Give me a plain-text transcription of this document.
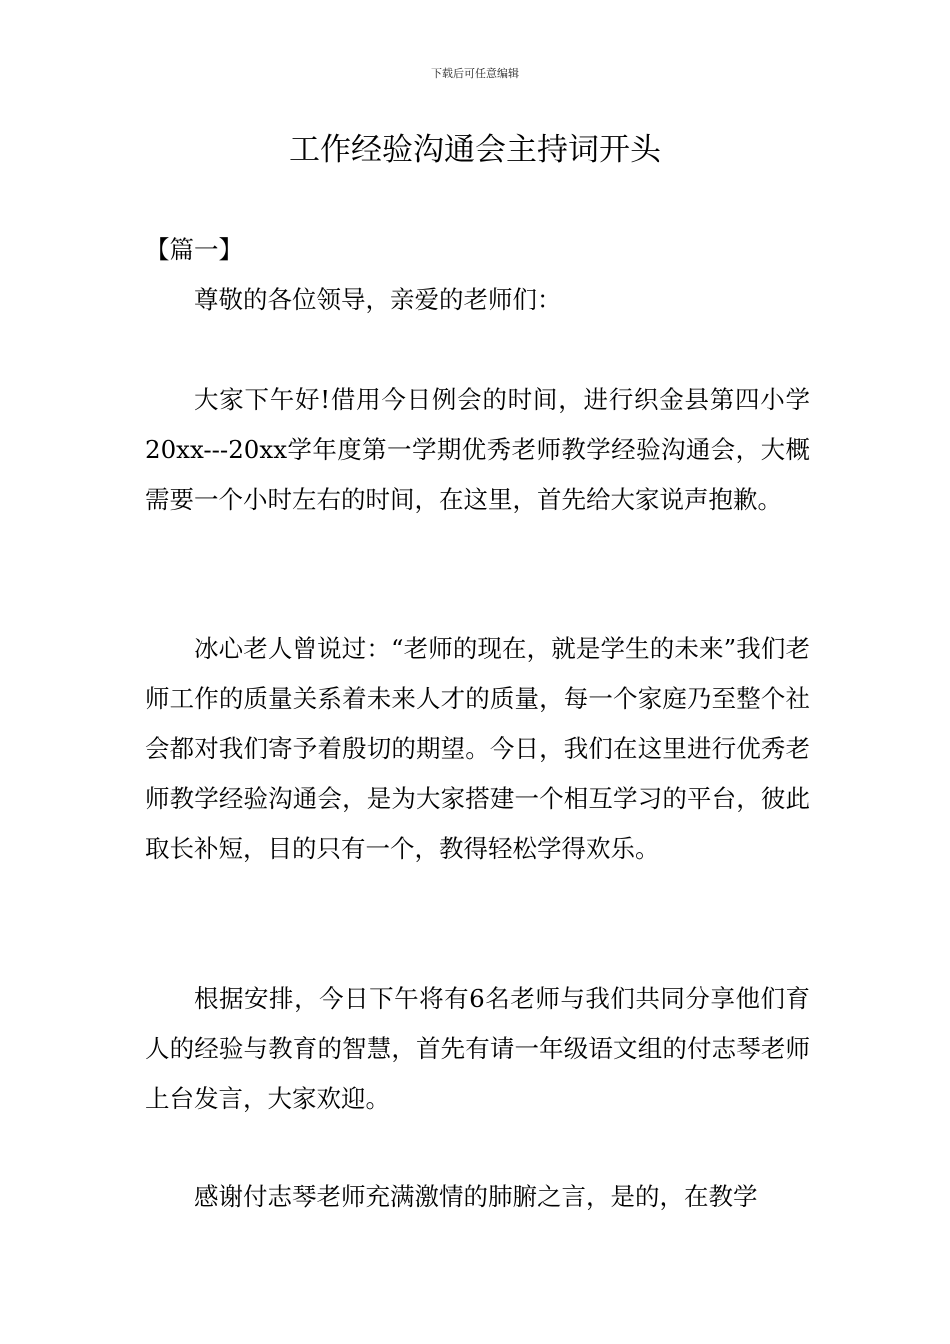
下载后可任意编辑
工作经验沟通会主持词开头

【篇一】

尊敬的各位领导，亲爱的老师们：

大家下午好!借用今日例会的时间，进行织金县第四小学20xx---20xx学年度第一学期优秀老师教学经验沟通会，大概需要一个小时左右的时间，在这里，首先给大家说声抱歉。

冰心老人曾说过：“老师的现在，就是学生的未来”我们老师工作的质量关系着未来人才的质量，每一个家庭乃至整个社会都对我们寄予着殷切的期望。今日，我们在这里进行优秀老师教学经验沟通会，是为大家搭建一个相互学习的平台，彼此取长补短，目的只有一个，教得轻松学得欢乐。

根据安排，今日下午将有6名老师与我们共同分享他们育人的经验与教育的智慧，首先有请一年级语文组的付志琴老师上台发言，大家欢迎。

感谢付志琴老师充满激情的肺腑之言，是的，在教学
